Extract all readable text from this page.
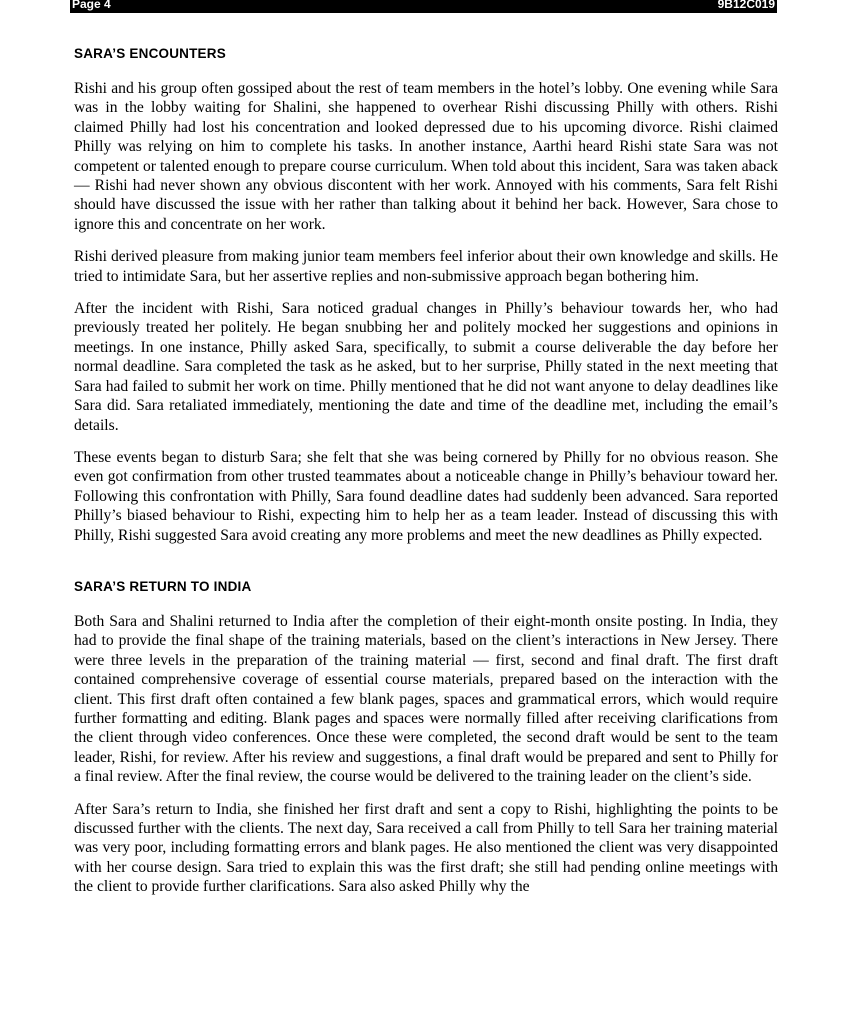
Page 4	9B12C019
SARA’S ENCOUNTERS

Rishi and his group often gossiped about the rest of team members in the hotel’s lobby. One evening while Sara was in the lobby waiting for Shalini, she happened to overhear Rishi discussing Philly with others. Rishi claimed Philly had lost his concentration and looked depressed due to his upcoming divorce. Rishi claimed Philly was relying on him to complete his tasks. In another instance, Aarthi heard Rishi state Sara was not competent or talented enough to prepare course curriculum. When told about this incident, Sara was taken aback — Rishi had never shown any obvious discontent with her work. Annoyed with his comments, Sara felt Rishi should have discussed the issue with her rather than talking about it behind her back. However, Sara chose to ignore this and concentrate on her work.

Rishi derived pleasure from making junior team members feel inferior about their own knowledge and skills. He tried to intimidate Sara, but her assertive replies and non-submissive approach began bothering him.

After the incident with Rishi, Sara noticed gradual changes in Philly’s behaviour towards her, who had previously treated her politely. He began snubbing her and politely mocked her suggestions and opinions in meetings. In one instance, Philly asked Sara, specifically, to submit a course deliverable the day before her normal deadline. Sara completed the task as he asked, but to her surprise, Philly stated in the next meeting that Sara had failed to submit her work on time. Philly mentioned that he did not want anyone to delay deadlines like Sara did. Sara retaliated immediately, mentioning the date and time of the deadline met, including the email’s details.

These events began to disturb Sara; she felt that she was being cornered by Philly for no obvious reason. She even got confirmation from other trusted teammates about a noticeable change in Philly’s behaviour toward her. Following this confrontation with Philly, Sara found deadline dates had suddenly been advanced. Sara reported Philly’s biased behaviour to Rishi, expecting him to help her as a team leader. Instead of discussing this with Philly, Rishi suggested Sara avoid creating any more problems and meet the new deadlines as Philly expected.

SARA’S RETURN TO INDIA

Both Sara and Shalini returned to India after the completion of their eight-month onsite posting. In India, they had to provide the final shape of the training materials, based on the client’s interactions in New Jersey. There were three levels in the preparation of the training material — first, second and final draft. The first draft contained comprehensive coverage of essential course materials, prepared based on the interaction with the client. This first draft often contained a few blank pages, spaces and grammatical errors, which would require further formatting and editing. Blank pages and spaces were normally filled after receiving clarifications from the client through video conferences. Once these were completed, the second draft would be sent to the team leader, Rishi, for review. After his review and suggestions, a final draft would be prepared and sent to Philly for a final review. After the final review, the course would be delivered to the training leader on the client’s side.

After Sara’s return to India, she finished her first draft and sent a copy to Rishi, highlighting the points to be discussed further with the clients. The next day, Sara received a call from Philly to tell Sara her training material was very poor, including formatting errors and blank pages. He also mentioned the client was very disappointed with her course design. Sara tried to explain this was the first draft; she still had pending online meetings with the client to provide further clarifications. Sara also asked Philly why the
